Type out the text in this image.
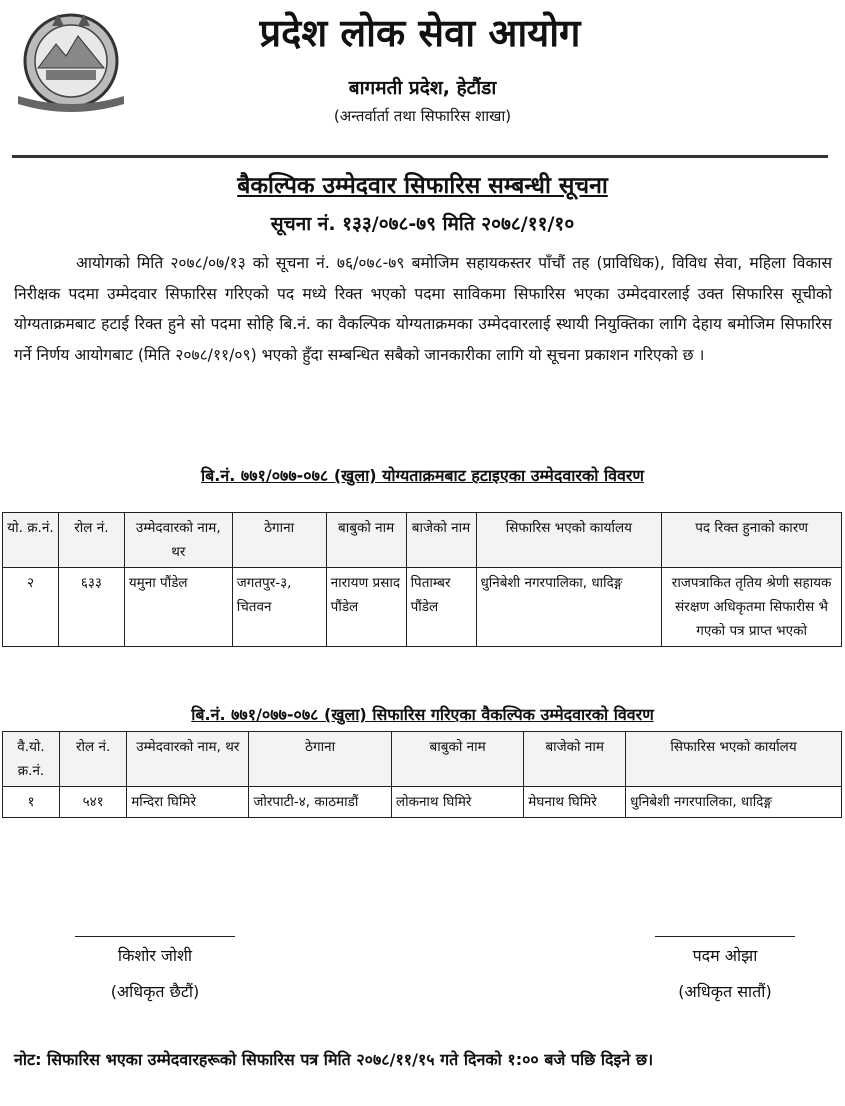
प्रदेश लोक सेवा आयोग
बागमती प्रदेश, हेटौंडा
(अन्तर्वार्ता तथा सिफारिस शाखा)
बैकल्पिक उम्मेदवार सिफारिस सम्बन्धी सूचना
सूचना नं. १३३/०७८-७९ मिति २०७८/११/१०

आयोगको मिति २०७८/०७/१३ को सूचना नं. ७६/०७८-७९ बमोजिम सहायकस्तर पाँचौं तह (प्राविधिक), विविध सेवा, महिला विकास निरीक्षक पदमा उम्मेदवार सिफारिस गरिएको पद मध्ये रिक्त भएको पदमा साविकमा सिफारिस भएका उम्मेदवारलाई उक्त सिफारिस सूचीको योग्यताक्रमबाट हटाई रिक्त हुने सो पदमा सोहि बि.नं. का वैकल्पिक योग्यताक्रमका उम्मेदवारलाई स्थायी नियुक्तिका लागि देहाय बमोजिम सिफारिस गर्ने निर्णय आयोगबाट (मिति २०७८/११/०९) भएको हुँदा सम्बन्धित सबैको जानकारीका लागि यो सूचना प्रकाशन गरिएको छ ।

बि.नं. ७७१/०७७-०७८ (खुला) योग्यताक्रमबाट हटाइएका उम्मेदवारको विवरण
यो. क्र.नं.	रोल नं.	उम्मेदवारको नाम, थर	ठेगाना	बाबुको नाम	बाजेको नाम	सिफारिस भएको कार्यालय	पद रिक्त हुनाको कारण
२	६३३	यमुना पौंडेल	जगतपुर-३, चितवन	नारायण प्रसाद पौंडेल	पिताम्बर पौंडेल	धुनिबेशी नगरपालिका, धादिङ्ग	राजपत्राकित तृतिय श्रेणी सहायक संरक्षण अधिकृतमा सिफारीस भै गएको पत्र प्राप्त भएको
बि.नं. ७७१/०७७-०७८ (खुला) सिफारिस गरिएका वैकल्पिक उम्मेदवारको विवरण
वै.यो. क्र.नं.	रोल नं.	उम्मेदवारको नाम, थर	ठेगाना	बाबुको नाम	बाजेको नाम	सिफारिस भएको कार्यालय
१	५४१	मन्दिरा घिमिरे	जोरपाटी-४, काठमाडौं	लोकनाथ घिमिरे	मेघनाथ घिमिरे	धुनिबेशी नगरपालिका, धादिङ्ग
किशोर जोशी
(अधिकृत छैटौं)
पदम ओझा
(अधिकृत सातौं)
नोट: सिफारिस भएका उम्मेदवारहरूको सिफारिस पत्र मिति २०७८/११/१५ गते दिनको १:०० बजे पछि दिइने छ।
